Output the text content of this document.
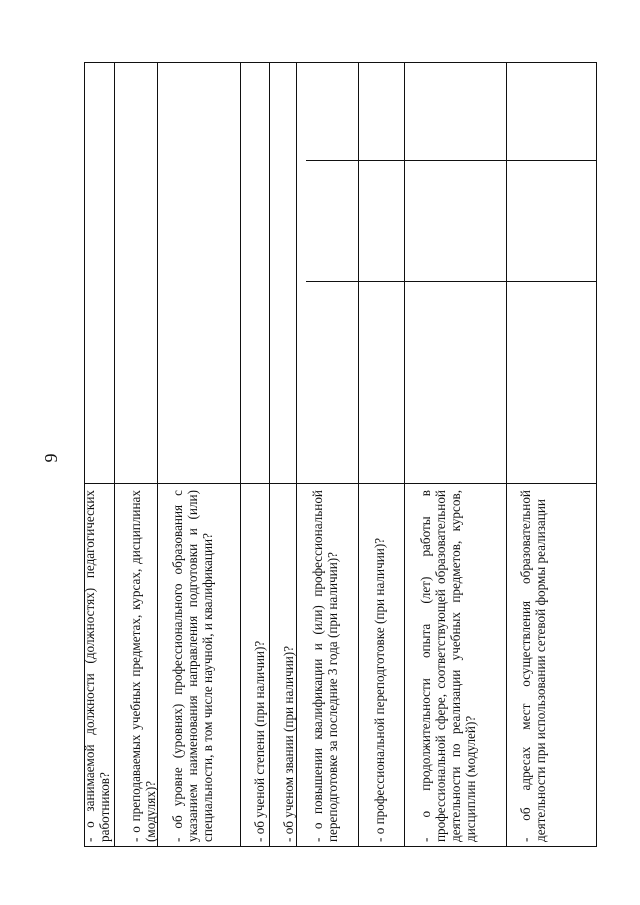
9
- о занимаемой должности (должностях) педагогических работников? - о преподаваемых учебных предметах, курсах, дисциплинах (модулях)? - об уровне (уровнях) профессионального образования с указанием наименования направления подготовки и (или) специальности, в том числе научной, и квалификации?	- об ученой степени (при наличии)? - об ученом звании (при наличии)? - о повышении квалификации и (или) профессиональной переподготовке за последние 3 года (при наличии)? - о профессиональной переподготовке (при наличии)? - о продолжительности опыта (лет) работы в профессиональной сфере, соответствующей образовательной деятельности по реализации учебных предметов, курсов, дисциплин (модулей)?	- об адресах мест осуществления образовательной деятельности при использовании сетевой формы реализации
